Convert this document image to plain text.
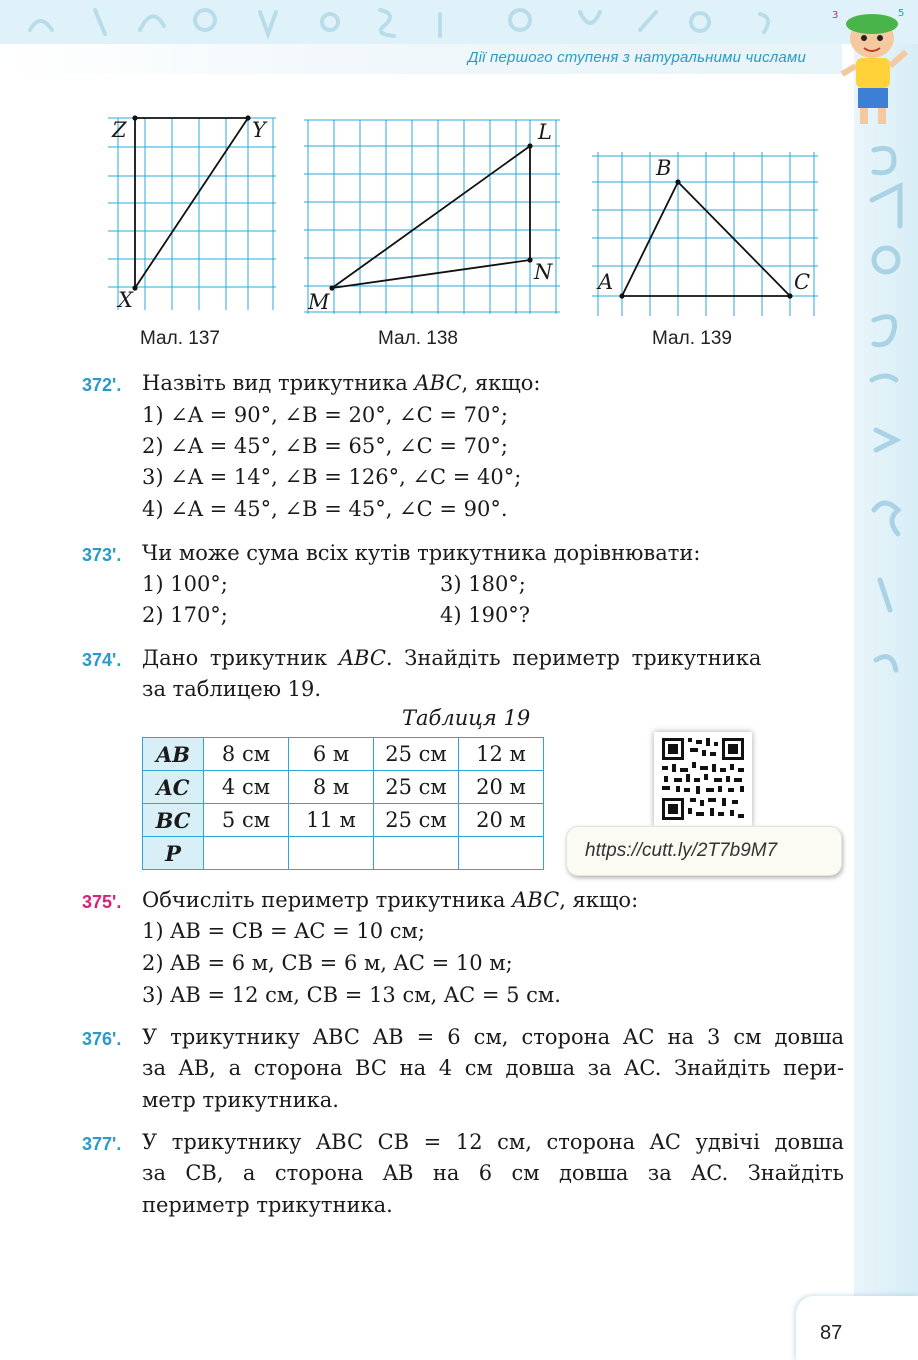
Дії першого ступеня з натуральними числами
3	5
Z	Y
X
Мал. 137
L
N
M
Мал. 138
B
A	C
Мал. 139
372'. Назвіть вид трикутника ABC, якщо:
1) ∠A = 90°, ∠B = 20°, ∠C = 70°;
2) ∠A = 45°, ∠B = 65°, ∠C = 70°;
3) ∠A = 14°, ∠B = 126°, ∠C = 40°;
4) ∠A = 45°, ∠B = 45°, ∠C = 90°.
373'. Чи може сума всіх кутів трикутника дорівнювати:
1) 100°;	3) 180°;
2) 170°;	4) 190°?
374'. Дано трикутник ABC. Знайдіть периметр трикутника
за таблицею 19.
Таблиця 19
AB	8 см	6 м	25 см	12 м
AC	4 см	8 м	25 см	20 м
BC	5 см	11 м	25 см	20 м
P					https://cutt.ly/2T7b9M7
375'. Обчисліть периметр трикутника ABC, якщо:
1) AB = CB = AC = 10 см;
2) AB = 6 м, CB = 6 м, AC = 10 м;
3) AB = 12 см, CB = 13 см, AC = 5 см.
376'. У трикутнику ABC AB = 6 см, сторона AC на 3 см довша
за AB, а сторона BC на 4 см довша за AC. Знайдіть пери-
метр трикутника.
377'. У трикутнику ABC CB = 12 см, сторона AC удвічі довша
за CB, а сторона AB на 6 см довша за AC. Знайдіть
периметр трикутника.
87
